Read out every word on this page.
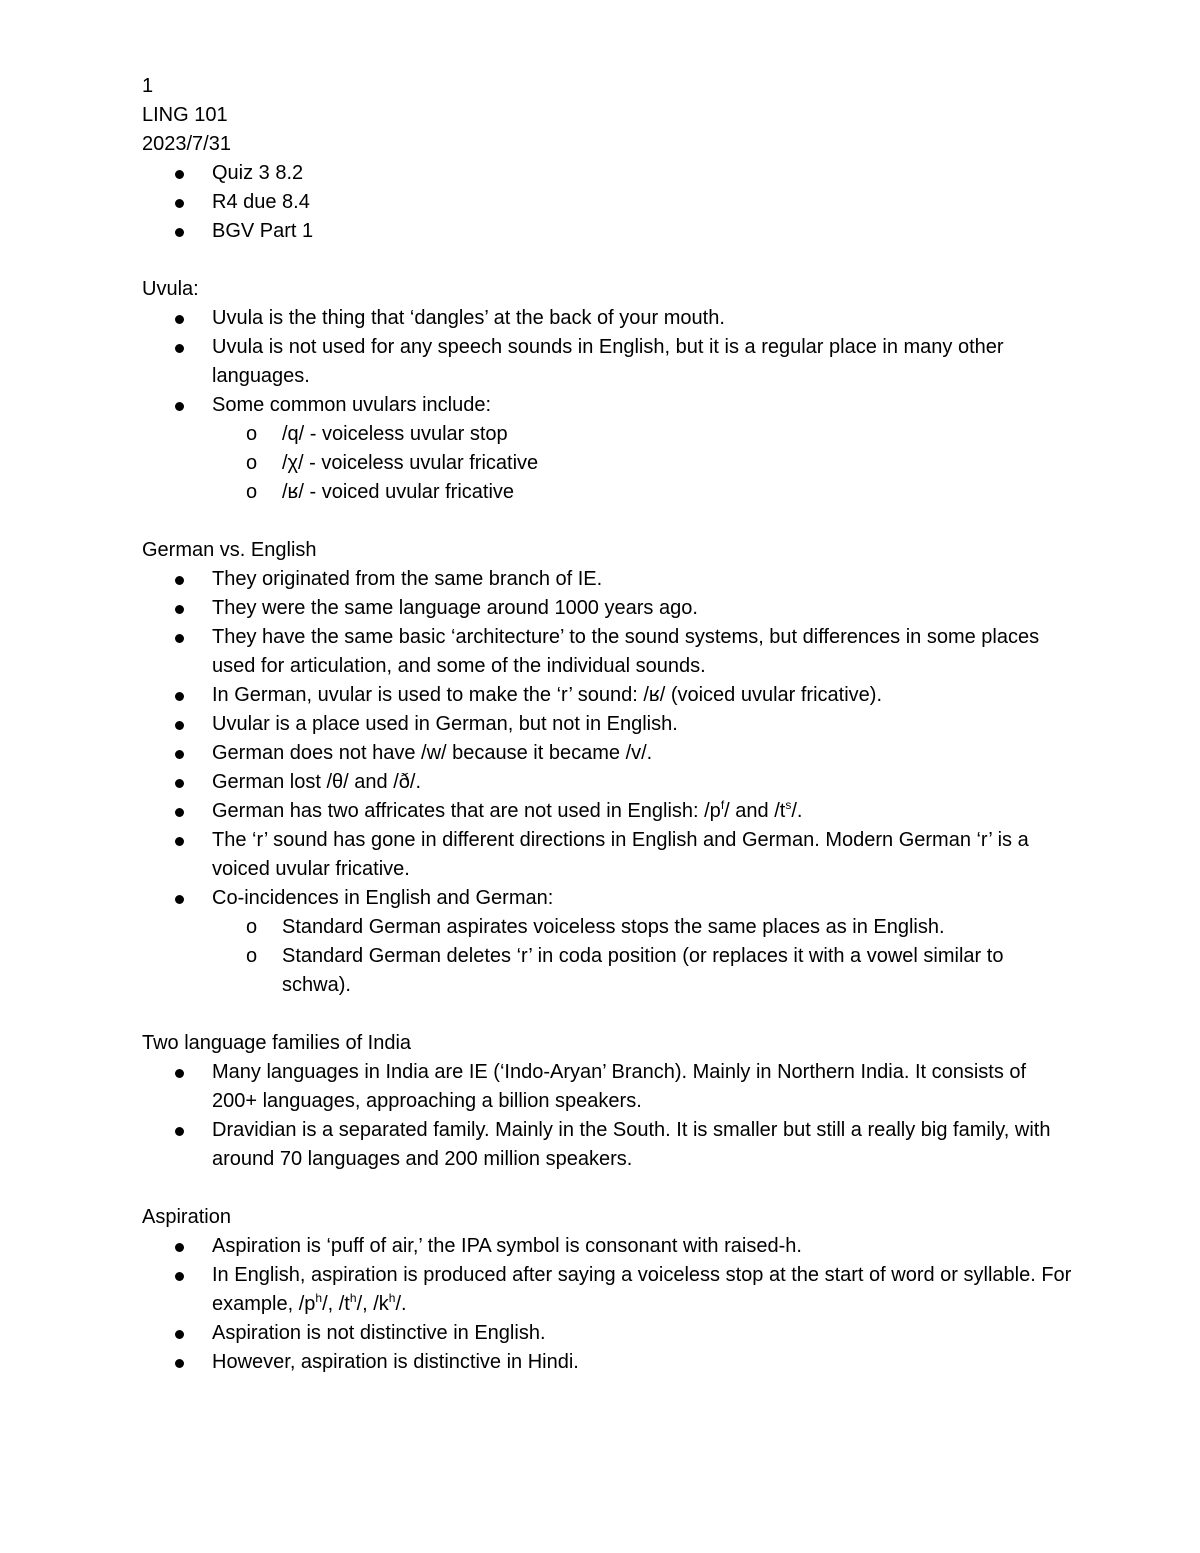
1
LING 101
2023/7/31
Quiz 3 8.2
R4 due 8.4
BGV Part 1
Uvula:
Uvula is the thing that ‘dangles’ at the back of your mouth.
Uvula is not used for any speech sounds in English, but it is a regular place in many other languages.
Some common uvulars include:
o /q/ - voiceless uvular stop
o /χ/ - voiceless uvular fricative
o /ʁ/ - voiced uvular fricative
German vs. English
They originated from the same branch of IE.
They were the same language around 1000 years ago.
They have the same basic ‘architecture’ to the sound systems, but differences in some places used for articulation, and some of the individual sounds.
In German, uvular is used to make the ‘r’ sound: /ʁ/ (voiced uvular fricative).
Uvular is a place used in German, but not in English.
German does not have /w/ because it became /v/.
German lost /θ/ and /ð/.
German has two affricates that are not used in English: $/p^f/$ and $/t^s/$.
The ‘r’ sound has gone in different directions in English and German. Modern German ‘r’ is a voiced uvular fricative.
Co-incidences in English and German:
o Standard German aspirates voiceless stops the same places as in English.
o Standard German deletes ‘r’ in coda position (or replaces it with a vowel similar to schwa).
Two language families of India
Many languages in India are IE (‘Indo-Aryan’ Branch). Mainly in Northern India. It consists of 200+ languages, approaching a billion speakers.
Dravidian is a separated family. Mainly in the South. It is smaller but still a really big family, with around 70 languages and 200 million speakers.
Aspiration
Aspiration is ‘puff of air,’ the IPA symbol is consonant with raised-h.
In English, aspiration is produced after saying a voiceless stop at the start of word or syllable. For example, $/p^h/$, $/t^h/$, $/k^h/$.
Aspiration is not distinctive in English.
However, aspiration is distinctive in Hindi.
